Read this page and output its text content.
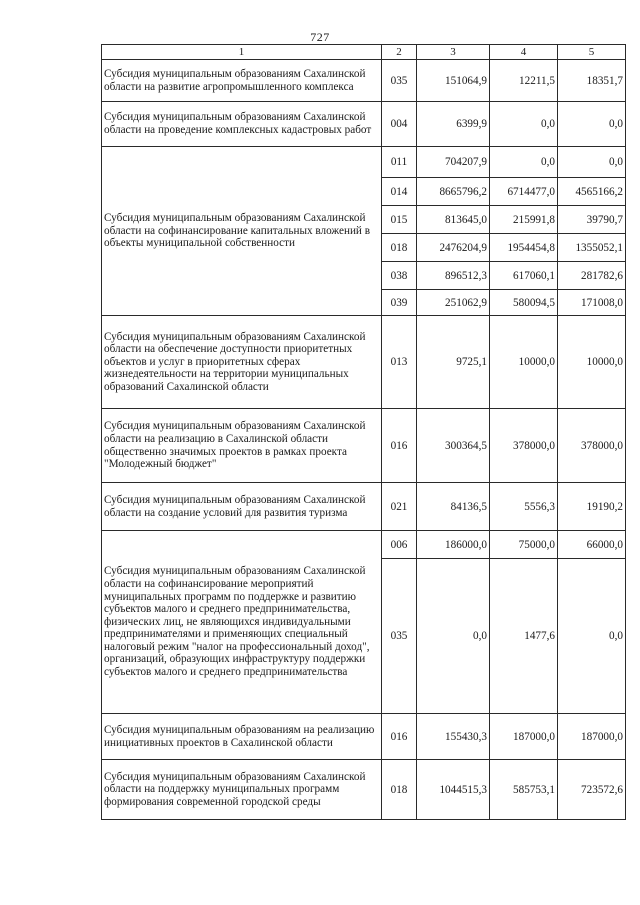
727
1	2	3	4	5
Субсидия муниципальным образованиям Сахалинской области на развитие агропромышленного комплекса	035	151064,9	12211,5	18351,7
Субсидия муниципальным образованиям Сахалинской области на проведение комплексных кадастровых работ	004	6399,9	0,0	0,0
Субсидия муниципальным образованиям Сахалинской области на софинансирование капитальных вложений в объекты муниципальной собственности	011	704207,9	0,0	0,0
	014	8665796,2	6714477,0	4565166,2
	015	813645,0	215991,8	39790,7
	018	2476204,9	1954454,8	1355052,1
	038	896512,3	617060,1	281782,6
	039	251062,9	580094,5	171008,0
Субсидия муниципальным образованиям Сахалинской области на обеспечение доступности приоритетных объектов и услуг в приоритетных сферах жизнедеятельности на территории муниципальных образований Сахалинской области	013	9725,1	10000,0	10000,0
Субсидия муниципальным образованиям Сахалинской области на реализацию в Сахалинской области общественно значимых проектов в рамках проекта "Молодежный бюджет"	016	300364,5	378000,0	378000,0
Субсидия муниципальным образованиям Сахалинской области на создание условий для развития туризма	021	84136,5	5556,3	19190,2
Субсидия муниципальным образованиям Сахалинской области на софинансирование мероприятий муниципальных программ по поддержке и развитию субъектов малого и среднего предпринимательства, физических лиц, не являющихся индивидуальными предпринимателями и применяющих специальный налоговый режим "налог на профессиональный доход", организаций, образующих инфраструктуру поддержки субъектов малого и среднего предпринимательства	006	186000,0	75000,0	66000,0
	035	0,0	1477,6	0,0
Субсидия муниципальным образованиям на реализацию инициативных проектов в Сахалинской области	016	155430,3	187000,0	187000,0
Субсидия муниципальным образованиям Сахалинской области на поддержку муниципальных программ формирования современной городской среды	018	1044515,3	585753,1	723572,6
